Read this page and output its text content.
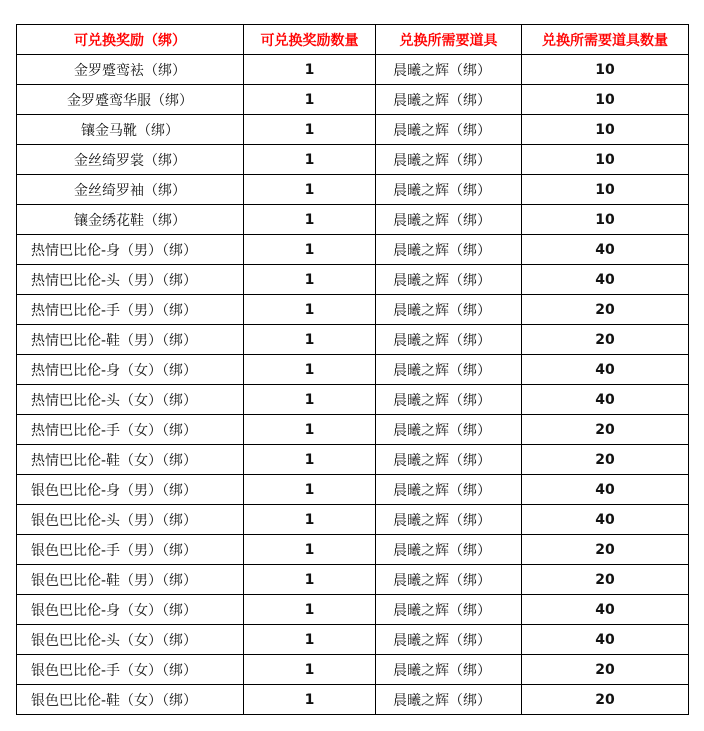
可兑换奖励（绑）	可兑换奖励数量	兑换所需要道具	兑换所需要道具数量
金罗蹙鸾袪（绑）	1	晨曦之辉（绑）	10
金罗蹙鸾华服（绑）	1	晨曦之辉（绑）	10
镶金马靴（绑）	1	晨曦之辉（绑）	10
金丝绮罗裳（绑）	1	晨曦之辉（绑）	10
金丝绮罗袖（绑）	1	晨曦之辉（绑）	10
镶金绣花鞋（绑）	1	晨曦之辉（绑）	10
热情巴比伦-身（男）（绑）	1	晨曦之辉（绑）	40
热情巴比伦-头（男）（绑）	1	晨曦之辉（绑）	40
热情巴比伦-手（男）（绑）	1	晨曦之辉（绑）	20
热情巴比伦-鞋（男）（绑）	1	晨曦之辉（绑）	20
热情巴比伦-身（女）（绑）	1	晨曦之辉（绑）	40
热情巴比伦-头（女）（绑）	1	晨曦之辉（绑）	40
热情巴比伦-手（女）（绑）	1	晨曦之辉（绑）	20
热情巴比伦-鞋（女）（绑）	1	晨曦之辉（绑）	20
银色巴比伦-身（男）（绑）	1	晨曦之辉（绑）	40
银色巴比伦-头（男）（绑）	1	晨曦之辉（绑）	40
银色巴比伦-手（男）（绑）	1	晨曦之辉（绑）	20
银色巴比伦-鞋（男）（绑）	1	晨曦之辉（绑）	20
银色巴比伦-身（女）（绑）	1	晨曦之辉（绑）	40
银色巴比伦-头（女）（绑）	1	晨曦之辉（绑）	40
银色巴比伦-手（女）（绑）	1	晨曦之辉（绑）	20
银色巴比伦-鞋（女）（绑）	1	晨曦之辉（绑）	20
